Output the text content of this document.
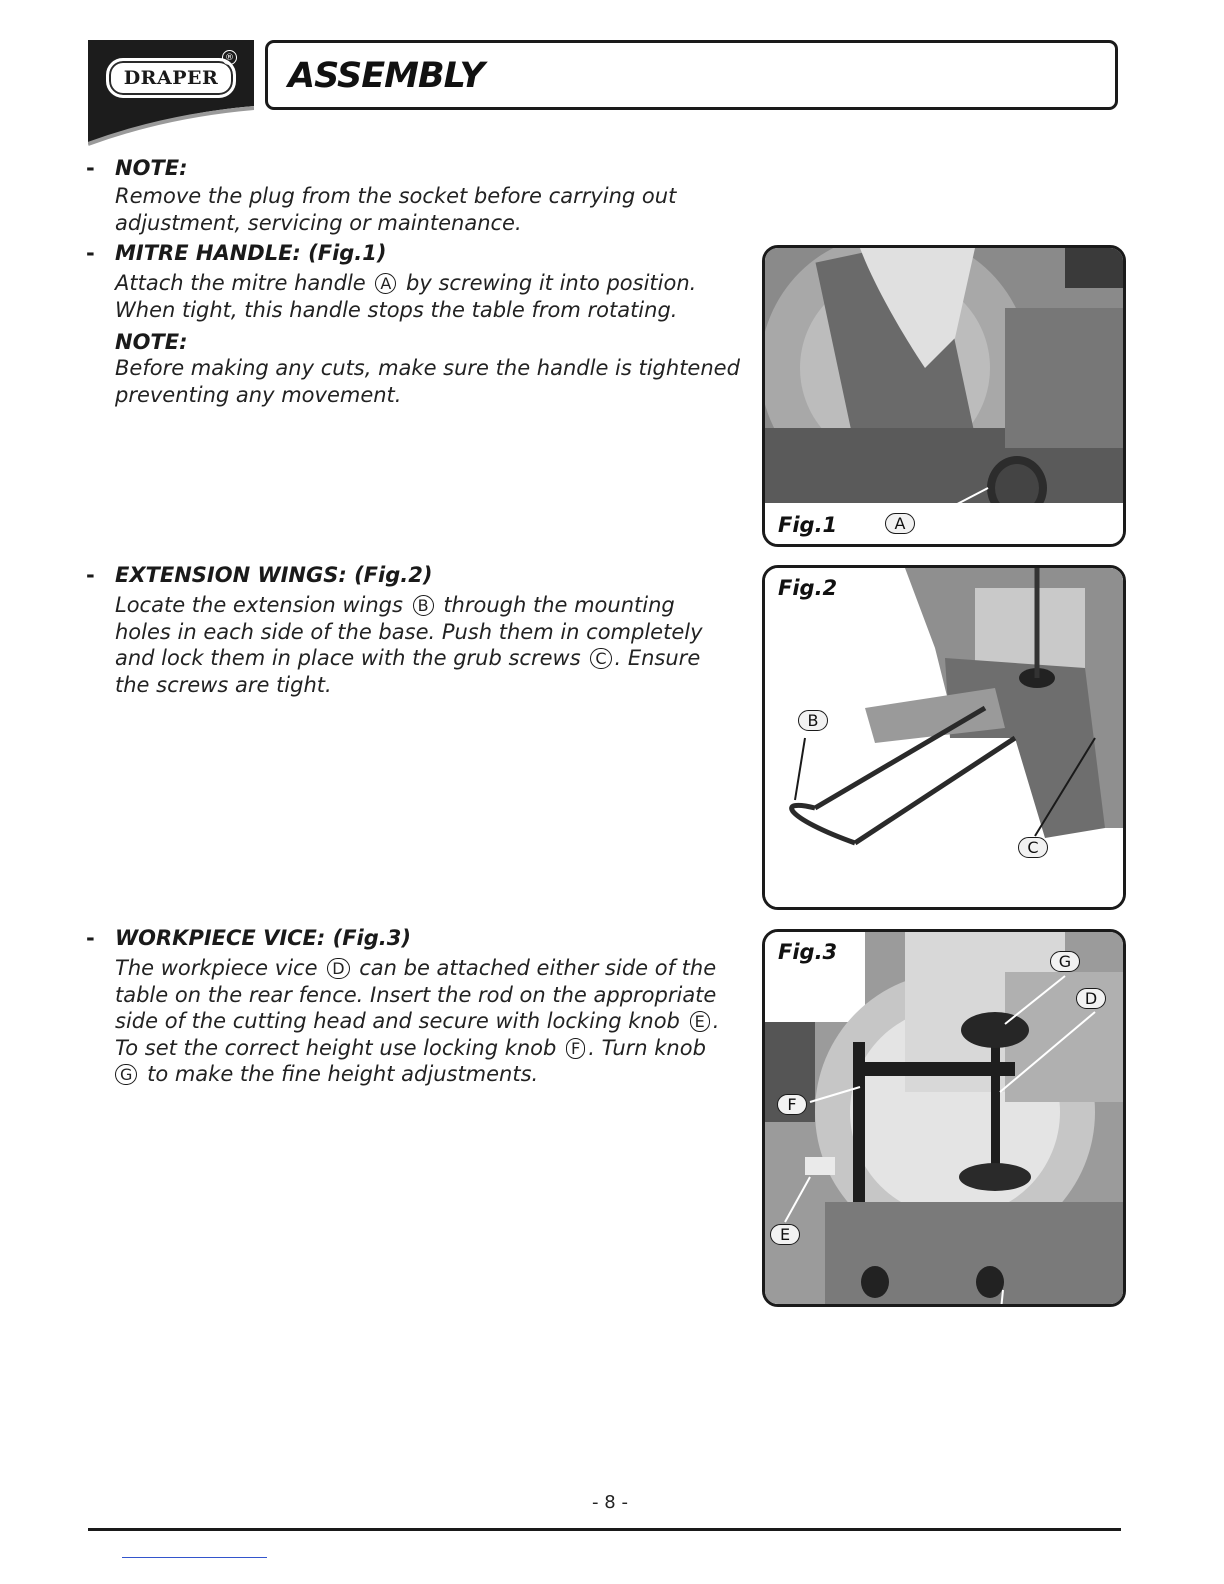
DRAPER
® ASSEMBLY

- NOTE:

Remove the plug from the socket before carrying out
adjustment, servicing or maintenance.

- MITRE HANDLE: (Fig.1)

Attach the mitre handle A by screwing it into position.
When tight, this handle stops the table from rotating.

NOTE:

Before making any cuts, make sure the handle is tightened
preventing any movement.

- EXTENSION WINGS: (Fig.2)

Locate the extension wings B through the mounting
holes in each side of the base. Push them in completely
and lock them in place with the grub screws C . Ensure
the screws are tight.

- WORKPIECE VICE: (Fig.3)

The workpiece vice D can be attached either side of the
table on the rear fence. Insert the rod on the appropriate
side of the cutting head and secure with locking knob E .
To set the correct height use locking knob F . Turn knob
G to make the fine height adjustments.

Fig.1	A
Fig.2
B
C
Fig.3	G
D
F
E
- 8 -
